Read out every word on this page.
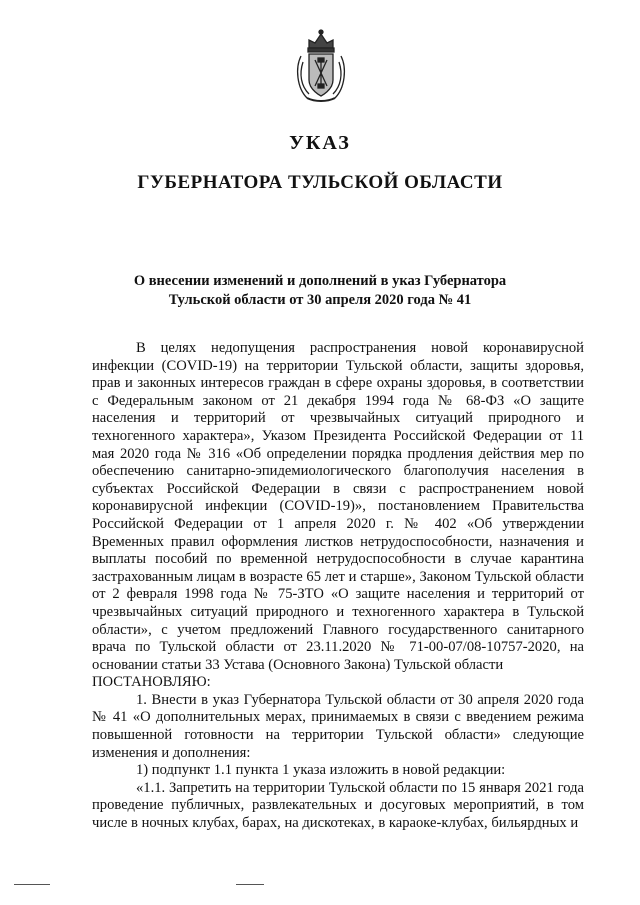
УКАЗ
ГУБЕРНАТОРА ТУЛЬСКОЙ ОБЛАСТИ
О внесении изменений и дополнений в указ Губернатора
Тульской области от 30 апреля 2020 года № 41

В целях недопущения распространения новой коронавирусной инфекции (COVID-19) на территории Тульской области, защиты здоровья, прав и законных интересов граждан в сфере охраны здоровья, в соответствии с Федеральным законом от 21 декабря 1994 года № 68-ФЗ «О защите населения и территорий от чрезвычайных ситуаций природного и техногенного характера», Указом Президента Российской Федерации от 11 мая 2020 года № 316 «Об определении порядка продления действия мер по обеспечению санитарно-эпидемиологического благополучия населения в субъектах Российской Федерации в связи с распространением новой коронавирусной инфекции (COVID-19)», постановлением Правительства Российской Федерации от 1 апреля 2020 г. № 402 «Об утверждении Временных правил оформления листков нетрудоспособности, назначения и выплаты пособий по временной нетрудоспособности в случае карантина застрахованным лицам в возрасте 65 лет и старше», Законом Тульской области от 2 февраля 1998 года № 75-ЗТО «О защите населения и территорий от чрезвычайных ситуаций природного и техногенного характера в Тульской области», с учетом предложений Главного государственного санитарного врача по Тульской области от 23.11.2020 № 71-00-07/08-10757-2020, на основании статьи 33 Устава (Основного Закона) Тульской области

ПОСТАНОВЛЯЮ:

1. Внести в указ Губернатора Тульской области от 30 апреля 2020 года № 41 «О дополнительных мерах, принимаемых в связи с введением режима повышенной готовности на территории Тульской области» следующие изменения и дополнения:

1) подпункт 1.1 пункта 1 указа изложить в новой редакции:

«1.1. Запретить на территории Тульской области по 15 января 2021 года проведение публичных, развлекательных и досуговых мероприятий, в том числе в ночных клубах, барах, на дискотеках, в караоке-клубах, бильярдных и
